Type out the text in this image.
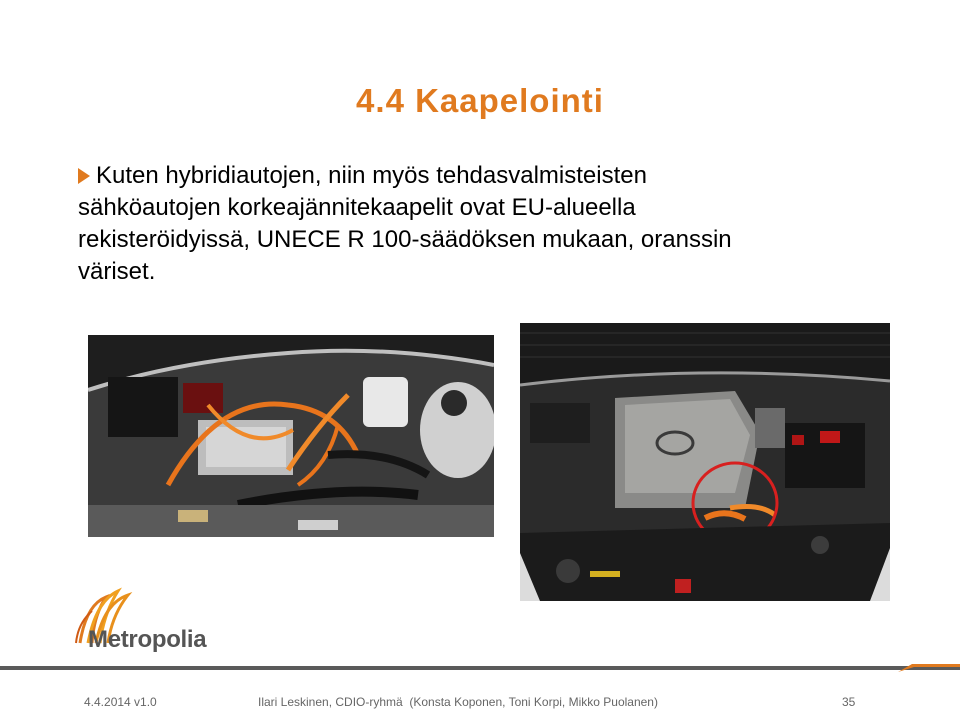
4.4 Kaapelointi
Kuten hybridiautojen, niin myös tehdasvalmisteisten sähköautojen korkeajännitekaapelit ovat EU-alueella rekisteröidyissä, UNECE R 100-säädöksen mukaan, oranssin väriset.
Metropolia
4.4.2014 v1.0	Ilari Leskinen, CDIO-ryhmä  (Konsta Koponen, Toni Korpi, Mikko Puolanen)	35
